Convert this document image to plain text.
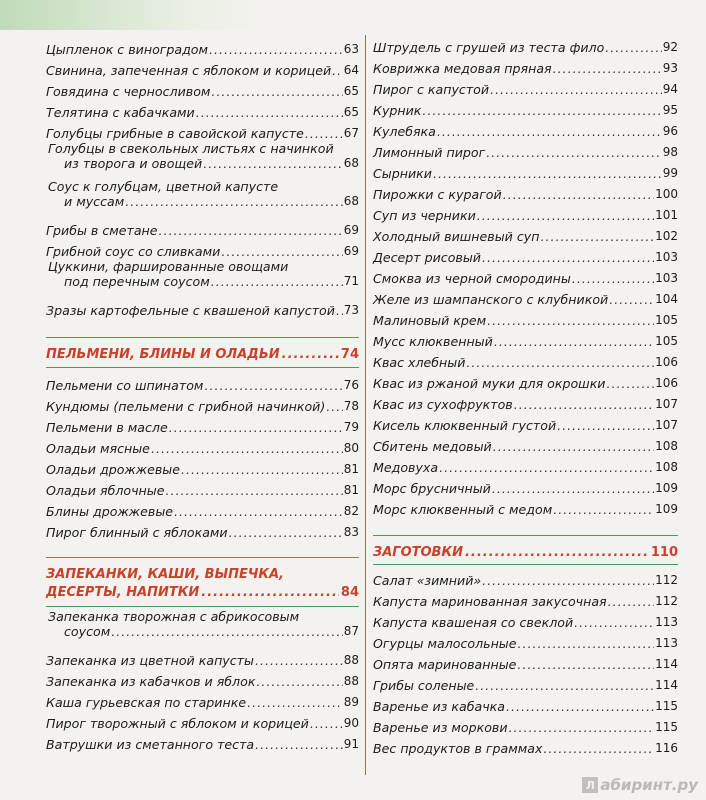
Цыпленок с виноградом .....	63
Свинина, запеченная с яблоком и корицей ..... 64
Говядина с черносливом .....	65
Телятина с кабачками .....	65
Голубцы грибные в савойской капусте .....	67
Голубцы в свекольных листьях с начинкой
из творога и овощей .....	68
Соус к голубцам, цветной капусте
и муссам .....	68
Грибы в сметане .....	69
Грибной соус со сливками .....	69
Цуккини, фаршированные овощами
под перечным соусом .....	71
Зразы картофельные с квашеной капустой ..... 73
ПЕЛЬМЕНИ, БЛИНЫ И ОЛАДЬИ .....	74
Пельмени со шпинатом .....	76
Кундюмы (пельмени с грибной начинкой) ..... 78
Пельмени в масле .....	79
Оладьи мясные .....	80
Оладьи дрожжевые .....	81
Оладьи яблочные .....	81
Блины дрожжевые .....	82
Пирог блинный с яблоками .....	83
ЗАПЕКАНКИ, КАШИ, ВЫПЕЧКА,
ДЕСЕРТЫ, НАПИТКИ .....	84
Запеканка творожная с абрикосовым
соусом .....	87
Запеканка из цветной капусты .....	88
Запеканка из кабачков и яблок .....	88
Каша гурьевская по старинке .....	89
Пирог творожный с яблоком и корицей .....	90
Ватрушки из сметанного теста .....	91
Штрудель с грушей из теста фило .....	92
Коврижка медовая пряная .....	93
Пирог с капустой .....	94
Курник .....	95
Кулебяка .....	96
Лимонный пирог .....	98
Сырники .....	99
Пирожки с курагой .....	100
Суп из черники .....	101
Холодный вишневый суп .....	102
Десерт рисовый .....	103
Смоква из черной смородины .....	103
Желе из шампанского с клубникой .....	104
Малиновый крем .....	105
Мусс клюквенный .....	105
Квас хлебный .....	106
Квас из ржаной муки для окрошки .....	106
Квас из сухофруктов .....	107
Кисель клюквенный густой .....	107
Сбитень медовый .....	108
Медовуха .....	108
Морс брусничный .....	109
Морс клюквенный с медом .....	109
ЗАГОТОВКИ .....	110
Салат «зимний» .....	112
Капуста маринованная закусочная .....	112
Капуста квашеная со свеклой .....	113
Огурцы малосольные .....	113
Опята маринованные .....	114
Грибы соленые .....	114
Варенье из кабачка .....	115
Варенье из моркови .....	115
Вес продуктов в граммах .....	116
Л абиринт.ру
